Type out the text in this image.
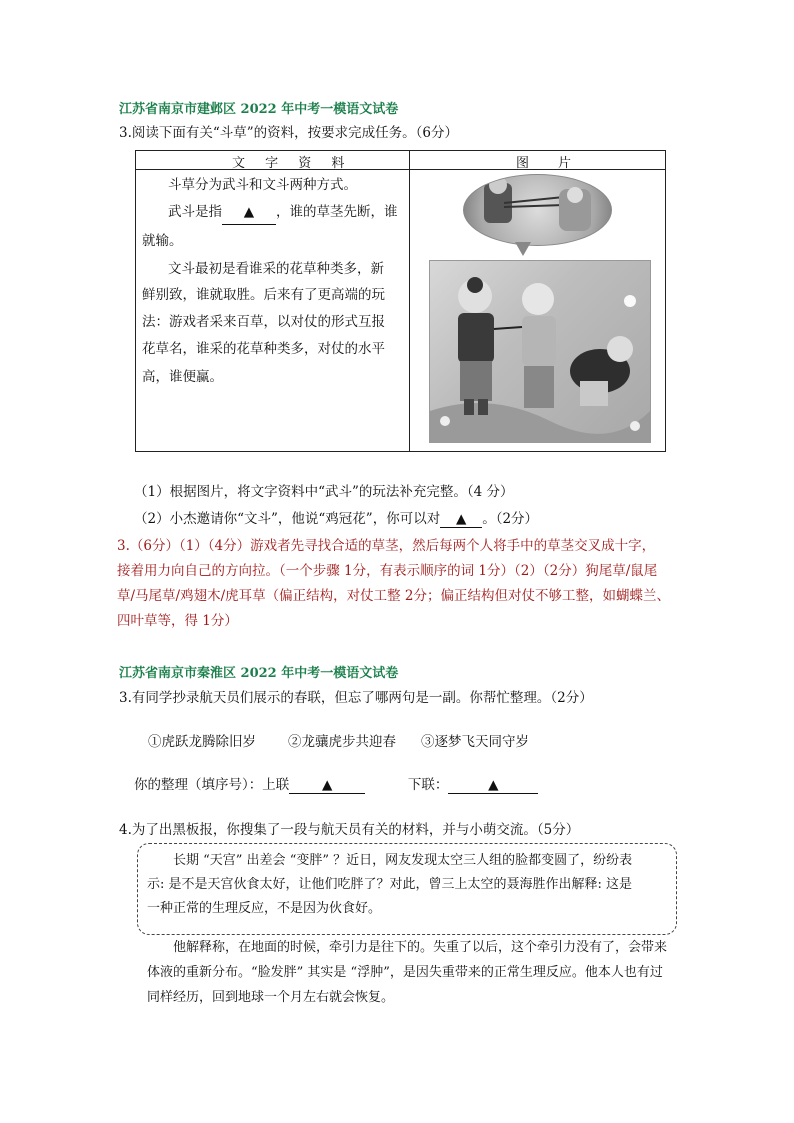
江苏省南京市建邺区 2022 年中考一模语文试卷
3.阅读下面有关“斗草”的资料，按要求完成任务。（6分）
文 字 资 料	图　片
斗草分为武斗和文斗两种方式。
武斗是指 ▲ ，谁的草茎先断，谁
就输。
文斗最初是看谁采的花草种类多，新
鲜别致，谁就取胜。后来有了更高端的玩
法：游戏者采来百草，以对仗的形式互报
花草名，谁采的花草种类多，对仗的水平
高，谁便赢。
（1）根据图片，将文字资料中“武斗”的玩法补充完整。（4 分）
（2）小杰邀请你“文斗”，他说“鸡冠花”，你可以对 ▲ 。（2分）
3.（6分）（1）（4分）游戏者先寻找合适的草茎，然后每两个人将手中的草茎交叉成十字，
接着用力向自己的方向拉。（一个步骤 1分，有表示顺序的词 1分）（2）（2分）狗尾草/鼠尾
草/马尾草/鸡翅木/虎耳草（偏正结构，对仗工整 2分；偏正结构但对仗不够工整，如蝴蝶兰、
四叶草等，得 1分）
江苏省南京市秦淮区 2022 年中考一模语文试卷
3.有同学抄录航天员们展示的春联，但忘了哪两句是一副。你帮忙整理。（2分）
①虎跃龙腾除旧岁 ②龙骧虎步共迎春 ③逐梦飞天同守岁
你的整理（填序号）：上联 ▲	下联：	▲
4.为了出黑板报，你搜集了一段与航天员有关的材料，并与小萌交流。（5分）
长期 “天宫” 出差会 “变胖” ？近日，网友发现太空三人组的脸都变圆了，纷纷表
示: 是不是天宫伙食太好，让他们吃胖了？对此，曾三上太空的聂海胜作出解释: 这是
一种正常的生理反应，不是因为伙食好。
他解释称，在地面的时候，牵引力是往下的。失重了以后，这个牵引力没有了，会带来
体液的重新分布。“脸发胖” 其实是 “浮肿”，是因失重带来的正常生理反应。他本人也有过
同样经历，回到地球一个月左右就会恢复。
